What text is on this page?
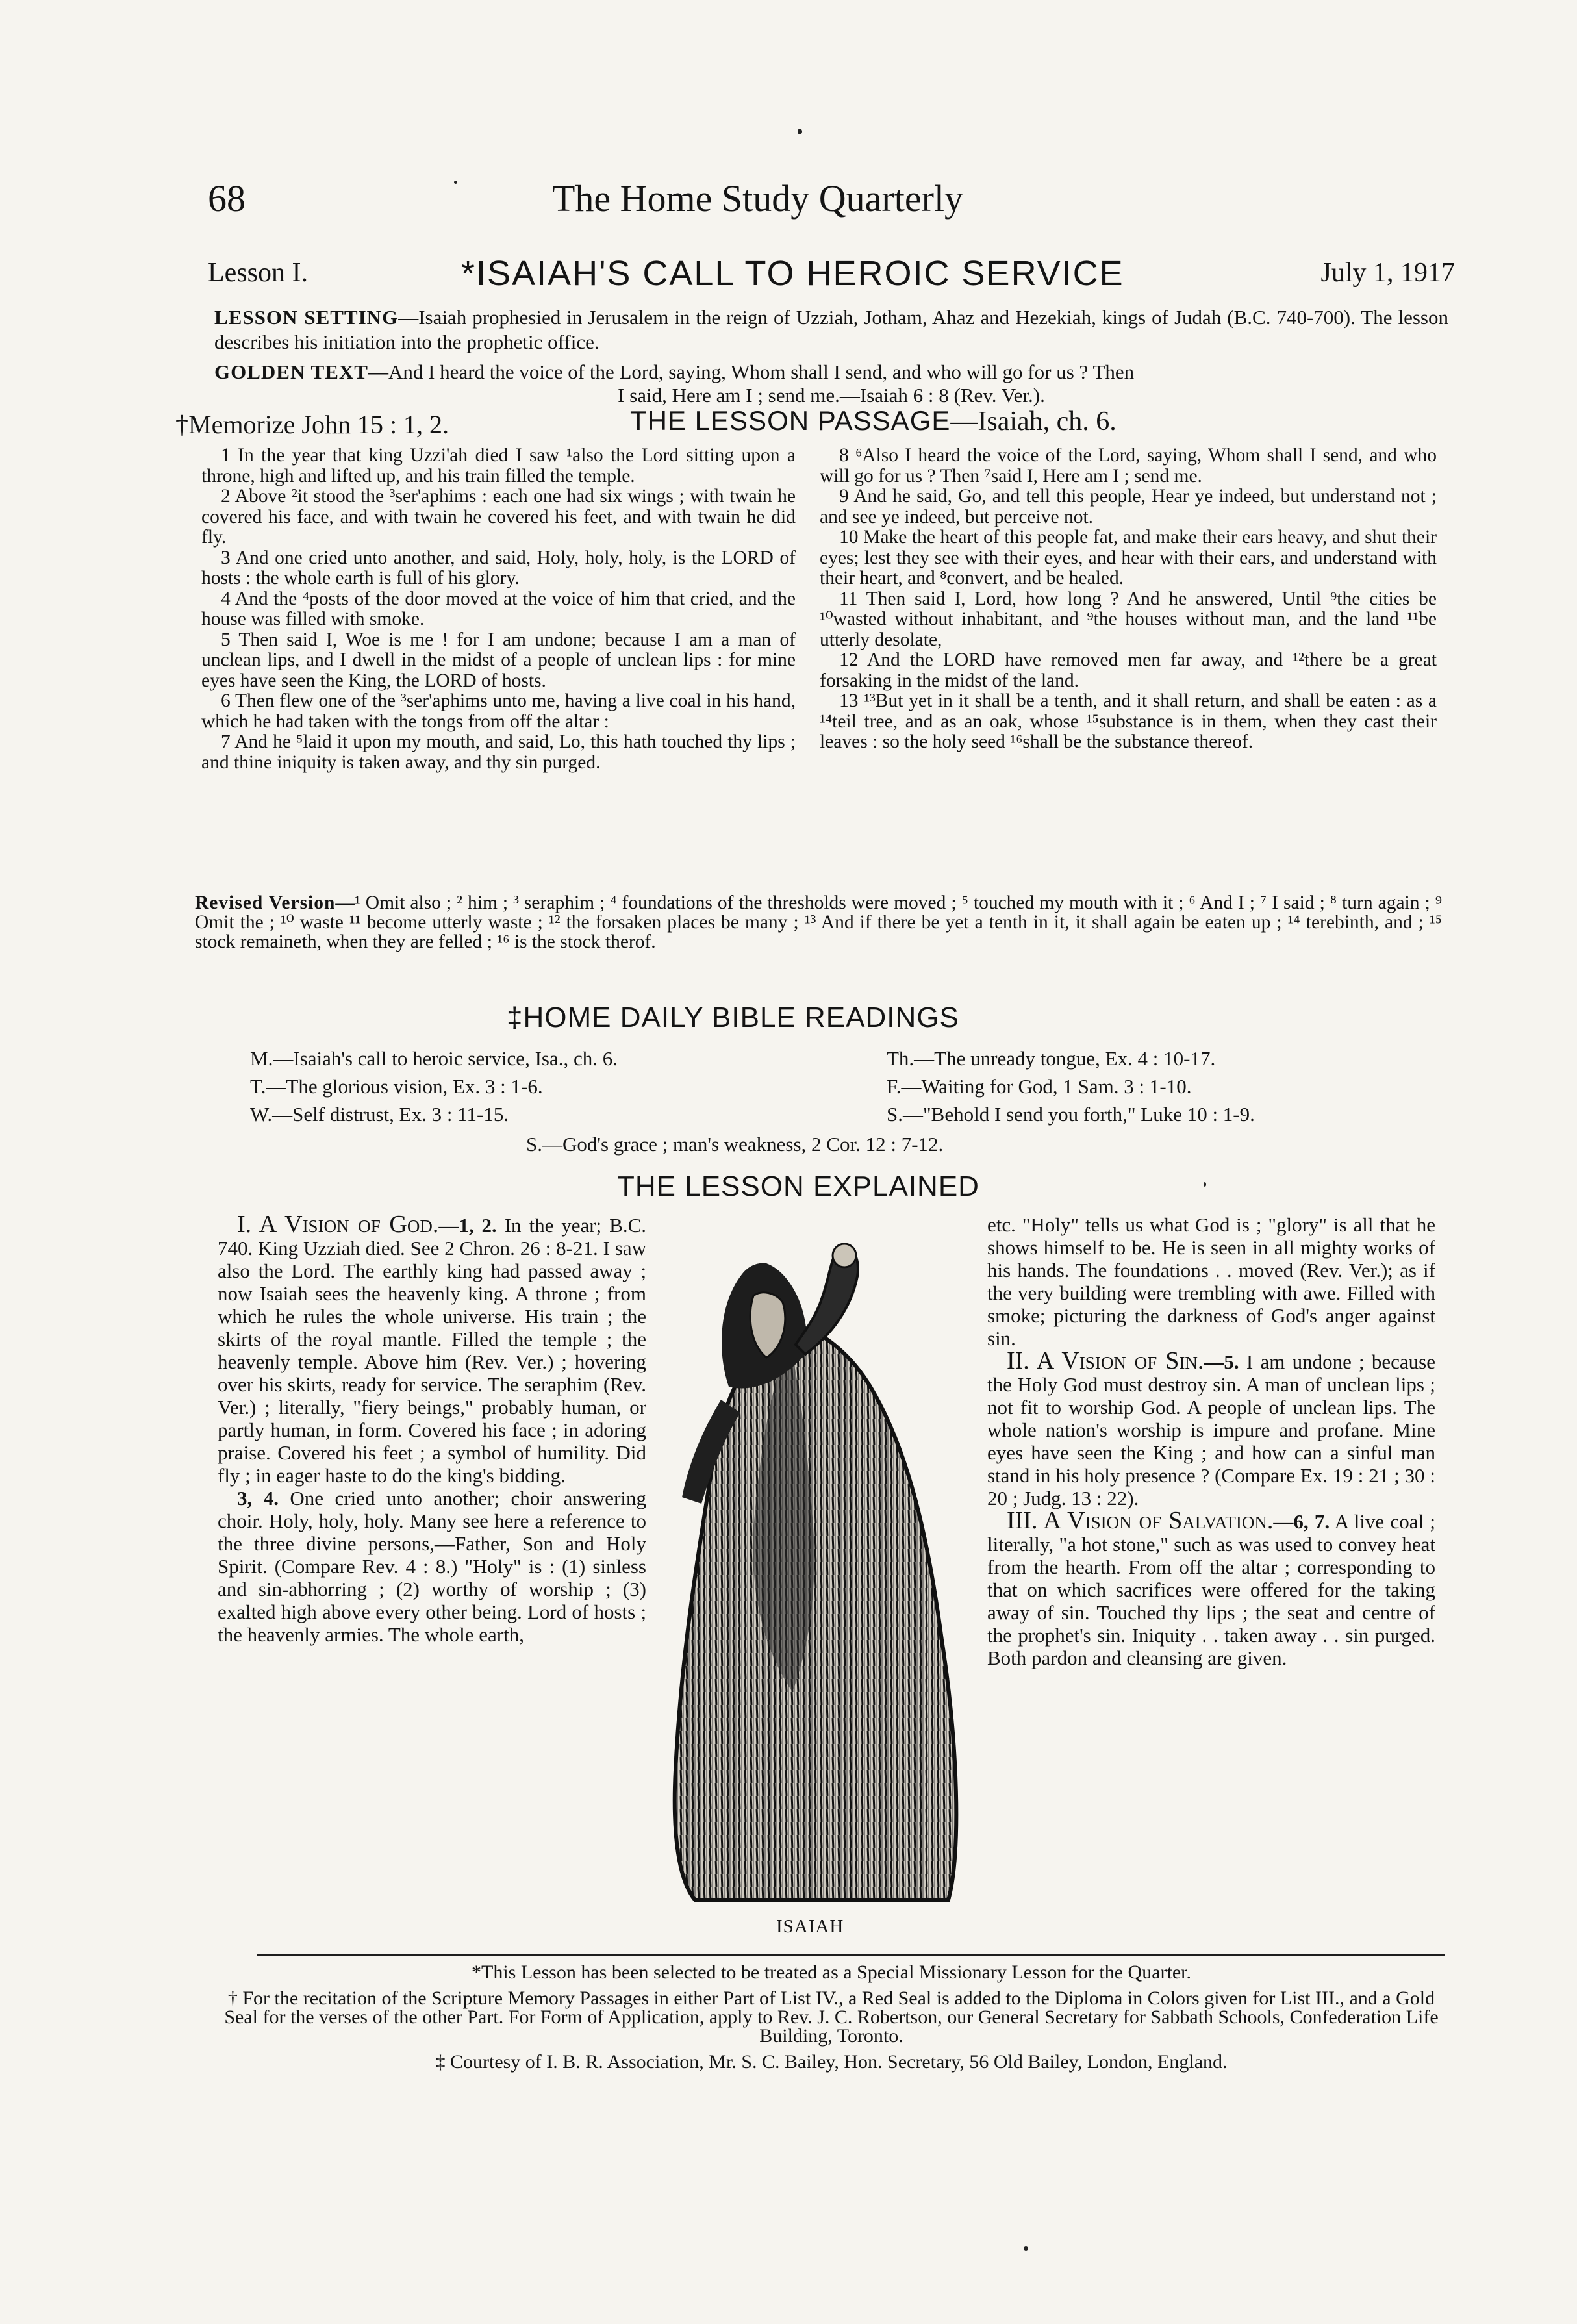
68	The Home Study Quarterly
Lesson I.	*ISAIAH'S CALL TO HEROIC SERVICE	July 1, 1917
LESSON SETTING—Isaiah prophesied in Jerusalem in the reign of Uzziah, Jotham, Ahaz and Hezekiah, kings of Judah (B.C. 740-700). The lesson describes his initiation into the prophetic office.
GOLDEN TEXT—And I heard the voice of the Lord, saying, Whom shall I send, and who will go for us ? Then
I said, Here am I ; send me.—Isaiah 6 : 8 (Rev. Ver.).
†Memorize John 15 : 1, 2.	THE LESSON PASSAGE—Isaiah, ch. 6.

1 In the year that king Uzzi'ah died I saw ¹also the Lord sitting upon a throne, high and lifted up, and his train filled the temple.

2 Above ²it stood the ³ser'aphims : each one had six wings ; with twain he covered his face, and with twain he covered his feet, and with twain he did fly.

3 And one cried unto another, and said, Holy, holy, holy, is the LORD of hosts : the whole earth is full of his glory.

4 And the ⁴posts of the door moved at the voice of him that cried, and the house was filled with smoke.

5 Then said I, Woe is me ! for I am undone; because I am a man of unclean lips, and I dwell in the midst of a people of unclean lips : for mine eyes have seen the King, the LORD of hosts.

6 Then flew one of the ³ser'aphims unto me, having a live coal in his hand, which he had taken with the tongs from off the altar :

7 And he ⁵laid it upon my mouth, and said, Lo, this hath touched thy lips ; and thine iniquity is taken away, and thy sin purged.

8 ⁶Also I heard the voice of the Lord, saying, Whom shall I send, and who will go for us ? Then ⁷said I, Here am I ; send me.

9 And he said, Go, and tell this people, Hear ye indeed, but understand not ; and see ye indeed, but perceive not.

10 Make the heart of this people fat, and make their ears heavy, and shut their eyes; lest they see with their eyes, and hear with their ears, and understand with their heart, and ⁸convert, and be healed.

11 Then said I, Lord, how long ? And he answered, Until ⁹the cities be ¹⁰wasted without inhabitant, and ⁹the houses without man, and the land ¹¹be utterly desolate,

12 And the LORD have removed men far away, and ¹²there be a great forsaking in the midst of the land.

13 ¹³But yet in it shall be a tenth, and it shall return, and shall be eaten : as a ¹⁴teil tree, and as an oak, whose ¹⁵substance is in them, when they cast their leaves : so the holy seed ¹⁶shall be the substance thereof.

Revised Version—¹ Omit also ; ² him ; ³ seraphim ; ⁴ foundations of the thresholds were moved ; ⁵ touched my mouth with it ; ⁶ And I ; ⁷ I said ; ⁸ turn again ; ⁹ Omit the ; ¹⁰ waste ¹¹ become utterly waste ; ¹² the forsaken places be many ; ¹³ And if there be yet a tenth in it, it shall again be eaten up ; ¹⁴ terebinth, and ; ¹⁵ stock remaineth, when they are felled ; ¹⁶ is the stock therof.
‡HOME DAILY BIBLE READINGS
M.—Isaiah's call to heroic service, Isa., ch. 6.
T.—The glorious vision, Ex. 3 : 1-6.
W.—Self distrust, Ex. 3 : 11-15.
Th.—The unready tongue, Ex. 4 : 10-17.
F.—Waiting for God, 1 Sam. 3 : 1-10.
S.—"Behold I send you forth," Luke 10 : 1-9.
S.—God's grace ; man's weakness, 2 Cor. 12 : 7-12.
THE LESSON EXPLAINED

I. A Vision of God.—1, 2. In the year; B.C. 740. King Uzziah died. See 2 Chron. 26 : 8-21. I saw also the Lord. The earthly king had passed away ; now Isaiah sees the heavenly king. A throne ; from which he rules the whole universe. His train ; the skirts of the royal mantle. Filled the temple ; the heavenly temple. Above him (Rev. Ver.) ; hovering over his skirts, ready for service. The seraphim (Rev. Ver.) ; literally, "fiery beings," probably human, or partly human, in form. Covered his face ; in adoring praise. Covered his feet ; a symbol of humility. Did fly ; in eager haste to do the king's bidding.

3, 4. One cried unto another; choir answering choir. Holy, holy, holy. Many see here a reference to the three divine persons,—Father, Son and Holy Spirit. (Compare Rev. 4 : 8.) "Holy" is : (1) sinless and sin-abhorring ; (2) worthy of worship ; (3) exalted high above every other being. Lord of hosts ; the heavenly armies. The whole earth,

ISAIAH

etc. "Holy" tells us what God is ; "glory" is all that he shows himself to be. He is seen in all mighty works of his hands. The foundations . . moved (Rev. Ver.); as if the very building were trembling with awe. Filled with smoke; picturing the darkness of God's anger against sin.

II. A Vision of Sin.—5. I am undone ; because the Holy God must destroy sin. A man of unclean lips ; not fit to worship God. A people of unclean lips. The whole nation's worship is impure and profane. Mine eyes have seen the King ; and how can a sinful man stand in his holy presence ? (Compare Ex. 19 : 21 ; 30 : 20 ; Judg. 13 : 22).

III. A Vision of Salvation.—6, 7. A live coal ; literally, "a hot stone," such as was used to convey heat from the hearth. From off the altar ; corresponding to that on which sacrifices were offered for the taking away of sin. Touched thy lips ; the seat and centre of the prophet's sin. Iniquity . . taken away . . sin purged. Both pardon and cleansing are given.

*This Lesson has been selected to be treated as a Special Missionary Lesson for the Quarter.
† For the recitation of the Scripture Memory Passages in either Part of List IV., a Red Seal is added to the Diploma in Colors given for List III., and a Gold Seal for the verses of the other Part. For Form of Application, apply to Rev. J. C. Robertson, our General Secretary for Sabbath Schools, Confederation Life Building, Toronto.
‡ Courtesy of I. B. R. Association, Mr. S. C. Bailey, Hon. Secretary, 56 Old Bailey, London, England.
